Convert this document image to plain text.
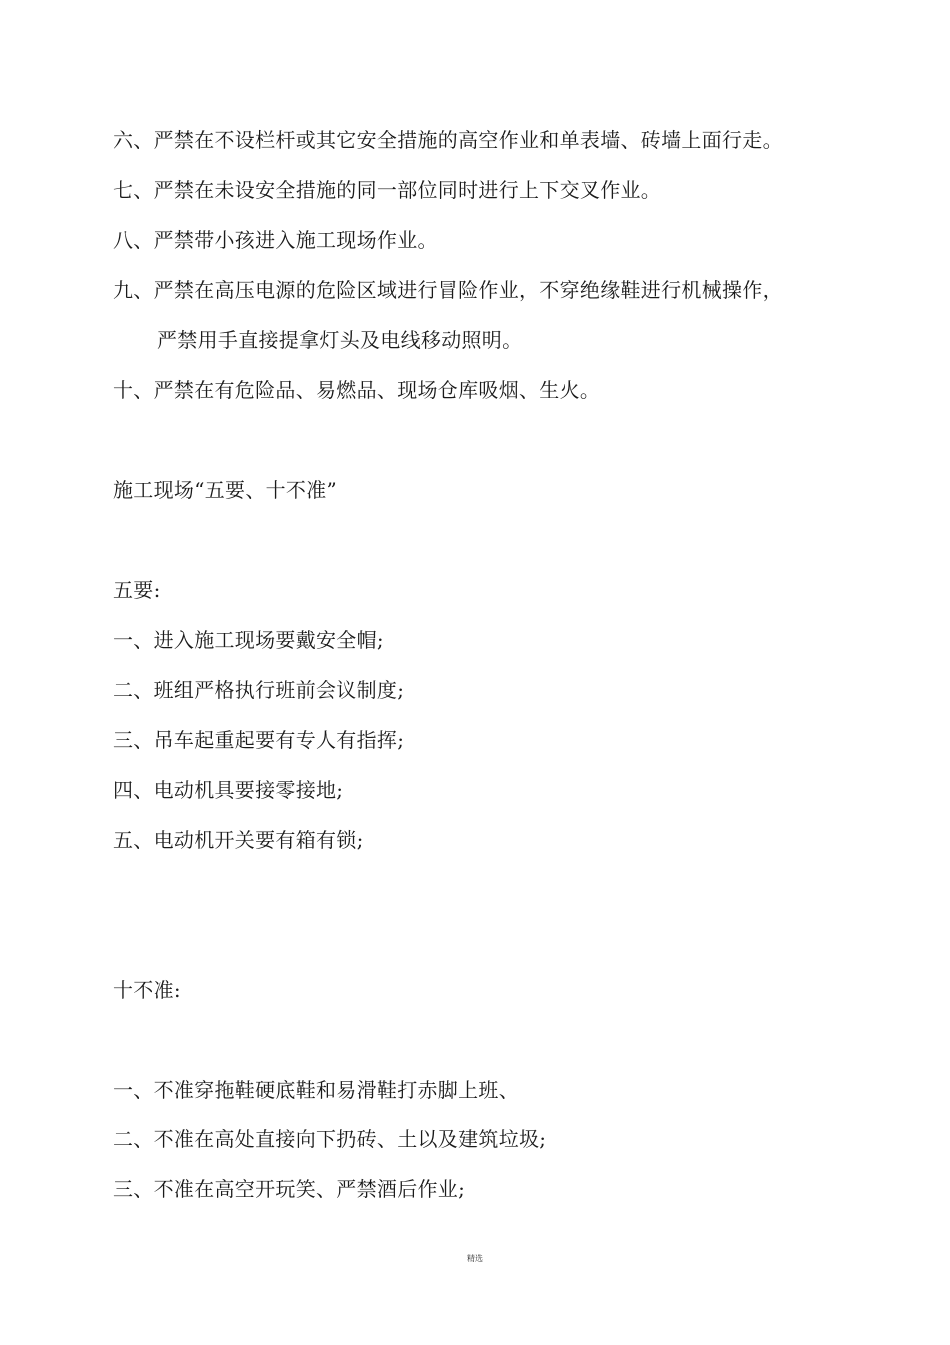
六、严禁在不设栏杆或其它安全措施的高空作业和单表墙、砖墙上面行走。
七、严禁在未设安全措施的同一部位同时进行上下交叉作业。
八、严禁带小孩进入施工现场作业。
九、严禁在高压电源的危险区域进行冒险作业，不穿绝缘鞋进行机械操作，
严禁用手直接提拿灯头及电线移动照明。
十、严禁在有危险品、易燃品、现场仓库吸烟、生火。
施工现场“五要、十不准”
五要:
一、进入施工现场要戴安全帽;
二、班组严格执行班前会议制度;
三、吊车起重起要有专人有指挥;
四、电动机具要接零接地;
五、电动机开关要有箱有锁;
十不准:
一、不准穿拖鞋硬底鞋和易滑鞋打赤脚上班、
二、不准在高处直接向下扔砖、土以及建筑垃圾;
三、不准在高空开玩笑、严禁酒后作业;
精选
